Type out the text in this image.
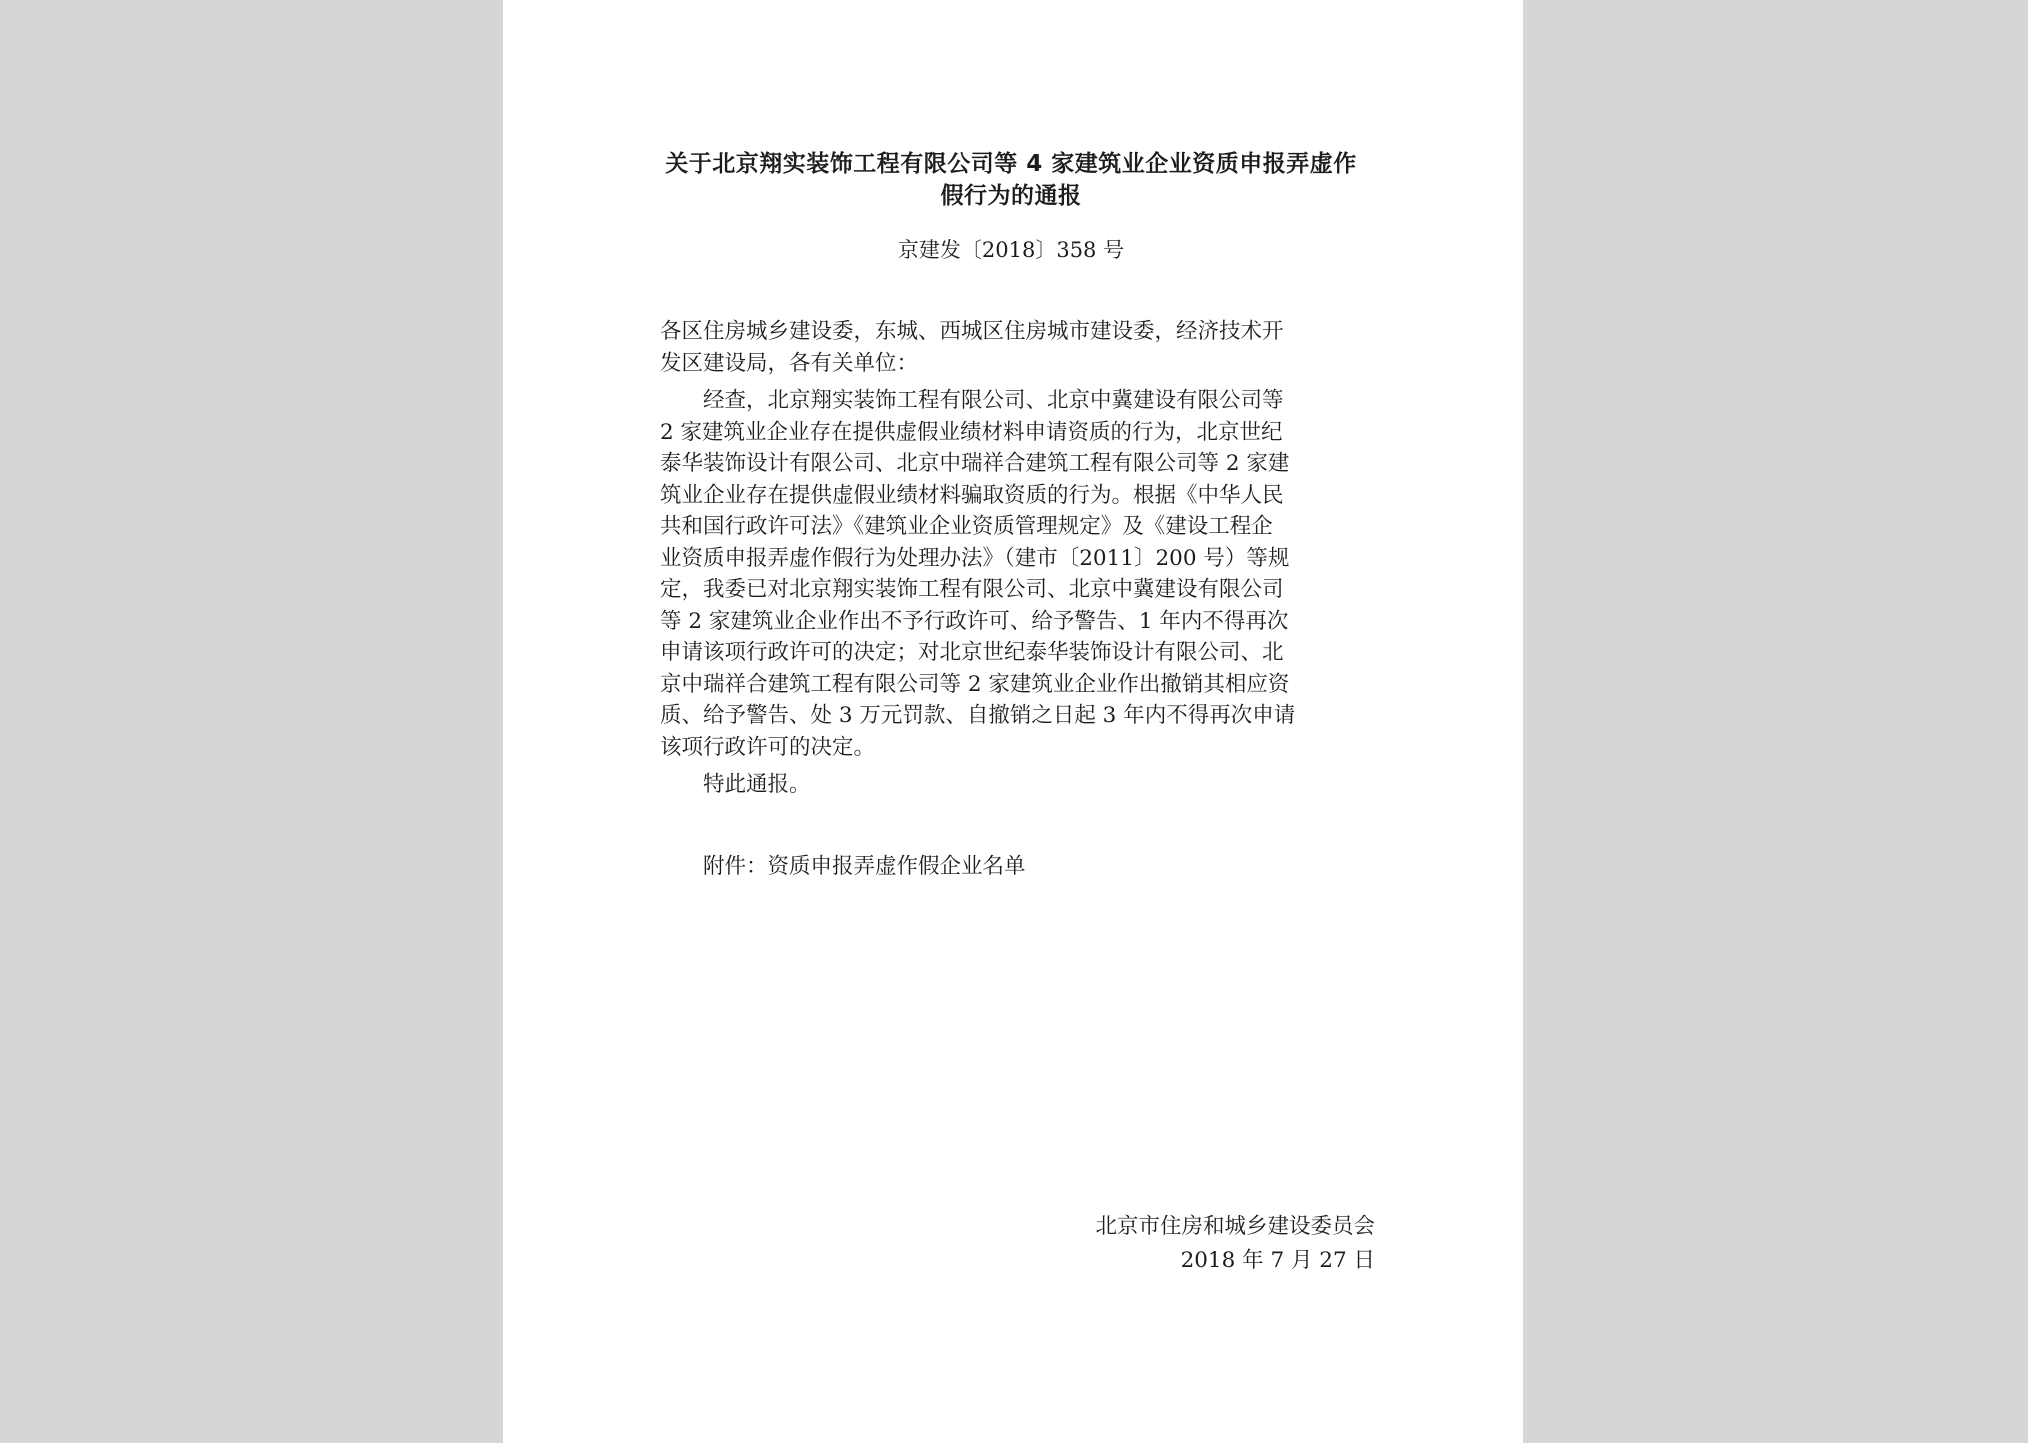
关于北京翔实装饰工程有限公司等 4 家建筑业企业资质申报弄虚作
假行为的通报
京建发〔2018〕358 号

各区住房城乡建设委，东城、西城区住房城市建设委，经济技术开

发区建设局，各有关单位：

　　经查，北京翔实装饰工程有限公司、北京中冀建设有限公司等

2 家建筑业企业存在提供虚假业绩材料申请资质的行为，北京世纪

泰华装饰设计有限公司、北京中瑞祥合建筑工程有限公司等 2 家建

筑业企业存在提供虚假业绩材料骗取资质的行为。根据《中华人民

共和国行政许可法》《建筑业企业资质管理规定》及《建设工程企

业资质申报弄虚作假行为处理办法》（建市〔2011〕200 号）等规

定，我委已对北京翔实装饰工程有限公司、北京中冀建设有限公司

等 2 家建筑业企业作出不予行政许可、给予警告、1 年内不得再次

申请该项行政许可的决定；对北京世纪泰华装饰设计有限公司、北

京中瑞祥合建筑工程有限公司等 2 家建筑业企业作出撤销其相应资

质、给予警告、处 3 万元罚款、自撤销之日起 3 年内不得再次申请

该项行政许可的决定。

　　特此通报。

　　附件：资质申报弄虚作假企业名单

北京市住房和城乡建设委员会
2018 年 7 月 27 日
